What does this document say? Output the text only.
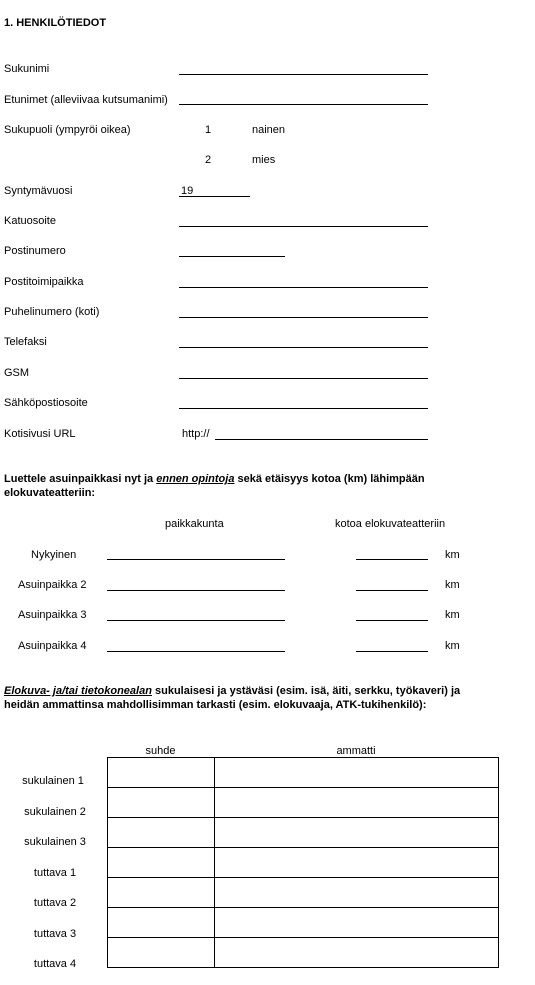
1. HENKILÖTIEDOT
Sukunimi
Etunimet (alleviivaa kutsumanimi)
Sukupuoli (ympyröi oikea)	1	nainen
2	mies
Syntymävuosi	19
Katuosoite
Postinumero
Postitoimipaikka
Puhelinumero (koti)
Telefaksi
GSM
Sähköpostiosoite
Kotisivusi URL	http://
Luettele asuinpaikkasi nyt ja ennen opintoja sekä etäisyys kotoa (km) lähimpään
elokuvateatteriin:
paikkakunta	kotoa elokuvateatteriin
Nykyinen	km
Asuinpaikka 2	km
Asuinpaikka 3	km
Asuinpaikka 4	km
Elokuva- ja/tai tietokonealan sukulaisesi ja ystäväsi (esim. isä, äiti, serkku, työkaveri) ja
heidän ammattinsa mahdollisimman tarkasti (esim. elokuvaaja, ATK-tukihenkilö):
suhde	ammatti
sukulainen 1
sukulainen 2
sukulainen 3
tuttava 1
tuttava 2
tuttava 3
tuttava 4
